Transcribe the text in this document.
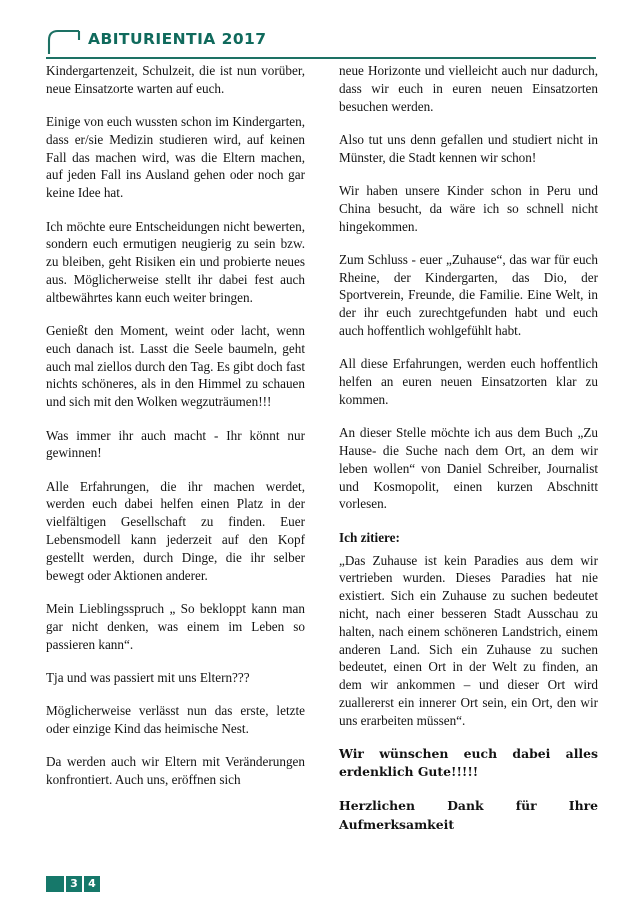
ABITURIENTIA 2017

Kindergartenzeit, Schulzeit, die ist nun vorüber, neue Einsatzorte warten auf euch.

Einige von euch wussten schon im Kindergarten, dass er/sie Medizin studieren wird, auf keinen Fall das machen wird, was die Eltern machen, auf jeden Fall ins Ausland gehen oder noch gar keine Idee hat.

Ich möchte eure Entscheidungen nicht bewerten, sondern euch ermutigen neugierig zu sein bzw. zu bleiben, geht Risiken ein und probierte neues aus. Möglicherweise stellt ihr dabei fest auch altbewährtes kann euch weiter bringen.

Genießt den Moment, weint oder lacht, wenn euch danach ist. Lasst die Seele baumeln, geht auch mal ziellos durch den Tag. Es gibt doch fast nichts schöneres, als in den Himmel zu schauen und sich mit den Wolken wegzuträumen!!!

Was immer ihr auch macht - Ihr könnt nur gewinnen!

Alle Erfahrungen, die ihr machen werdet, werden euch dabei helfen einen Platz in der vielfältigen Gesellschaft zu finden. Euer Lebensmodell kann jederzeit auf den Kopf gestellt werden, durch Dinge, die ihr selber bewegt oder Aktionen anderer.

Mein Lieblingsspruch „ So bekloppt kann man gar nicht denken, was einem im Leben so passieren kann“.

Tja und was passiert mit uns Eltern???

Möglicherweise verlässt nun das erste, letzte oder einzige Kind das heimische Nest.

Da werden auch wir Eltern mit Veränderungen konfrontiert. Auch uns, eröffnen sich

neue Horizonte und vielleicht auch nur dadurch, dass wir euch in euren neuen Einsatzorten besuchen werden.

Also tut uns denn gefallen und studiert nicht in Münster, die Stadt kennen wir schon!

Wir haben unsere Kinder schon in Peru und China besucht, da wäre ich so schnell nicht hingekommen.

Zum Schluss - euer „Zuhause“, das war für euch Rheine, der Kindergarten, das Dio, der Sportverein, Freunde, die Familie. Eine Welt, in der ihr euch zurechtgefunden habt und euch auch hoffentlich wohlgefühlt habt.

All diese Erfahrungen, werden euch hoffentlich helfen an euren neuen Einsatzorten klar zu kommen.

An dieser Stelle möchte ich aus dem Buch „Zu Hause- die Suche nach dem Ort, an dem wir leben wollen“ von Daniel Schreiber, Journalist und Kosmopolit, einen kurzen Abschnitt vorlesen.

Ich zitiere:

„Das Zuhause ist kein Paradies aus dem wir vertrieben wurden. Dieses Paradies hat nie existiert. Sich ein Zuhause zu suchen bedeutet nicht, nach einer besseren Stadt Ausschau zu halten, nach einem schöneren Landstrich, einem anderen Land. Sich ein Zuhause zu suchen bedeutet, einen Ort in der Welt zu finden, an dem wir ankommen – und dieser Ort wird zuallererst ein innerer Ort sein, ein Ort, den wir uns erarbeiten müssen“.

Wir wünschen euch dabei alles erdenklich Gute!!!!!

Herzlichen Dank für Ihre Aufmerksamkeit

3 4
